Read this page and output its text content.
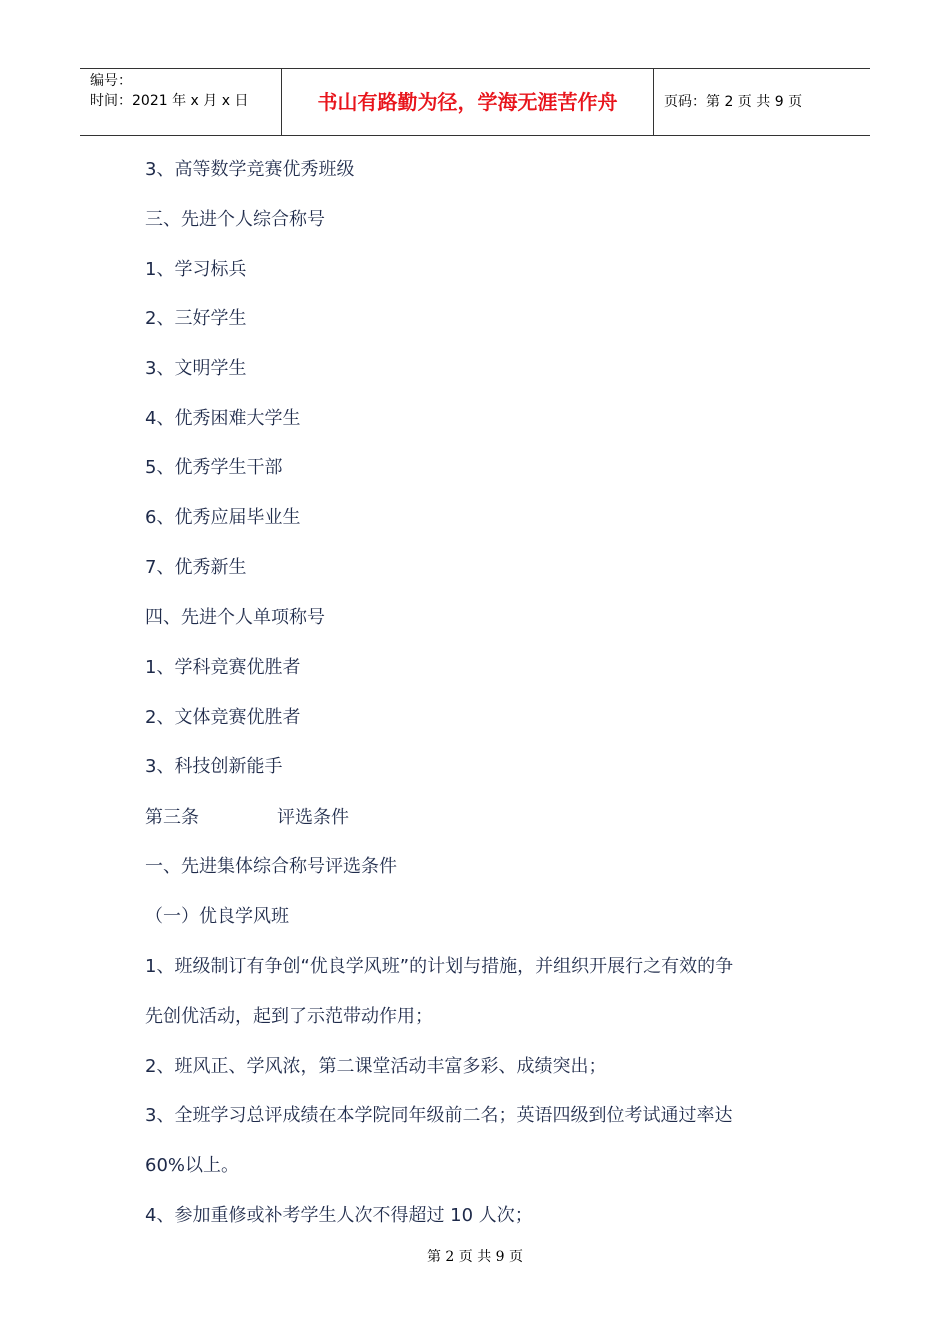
编号：
时间：2021 年 x 月 x 日	书山有路勤为径，学海无涯苦作舟	页码：第 2 页 共 9 页
3、高等数学竞赛优秀班级
三、先进个人综合称号
1、学习标兵
2、三好学生
3、文明学生
4、优秀困难大学生
5、优秀学生干部
6、优秀应届毕业生
7、优秀新生
四、先进个人单项称号
1、学科竞赛优胜者
2、文体竞赛优胜者
3、科技创新能手
第三条	评选条件
一、先进集体综合称号评选条件
（一）优良学风班
1、班级制订有争创“优良学风班”的计划与措施，并组织开展行之有效的争
先创优活动，起到了示范带动作用；
2、班风正、学风浓，第二课堂活动丰富多彩、成绩突出；
3、全班学习总评成绩在本学院同年级前二名；英语四级到位考试通过率达
60%以上。
4、参加重修或补考学生人次不得超过 10 人次；
第 2 页 共 9 页
